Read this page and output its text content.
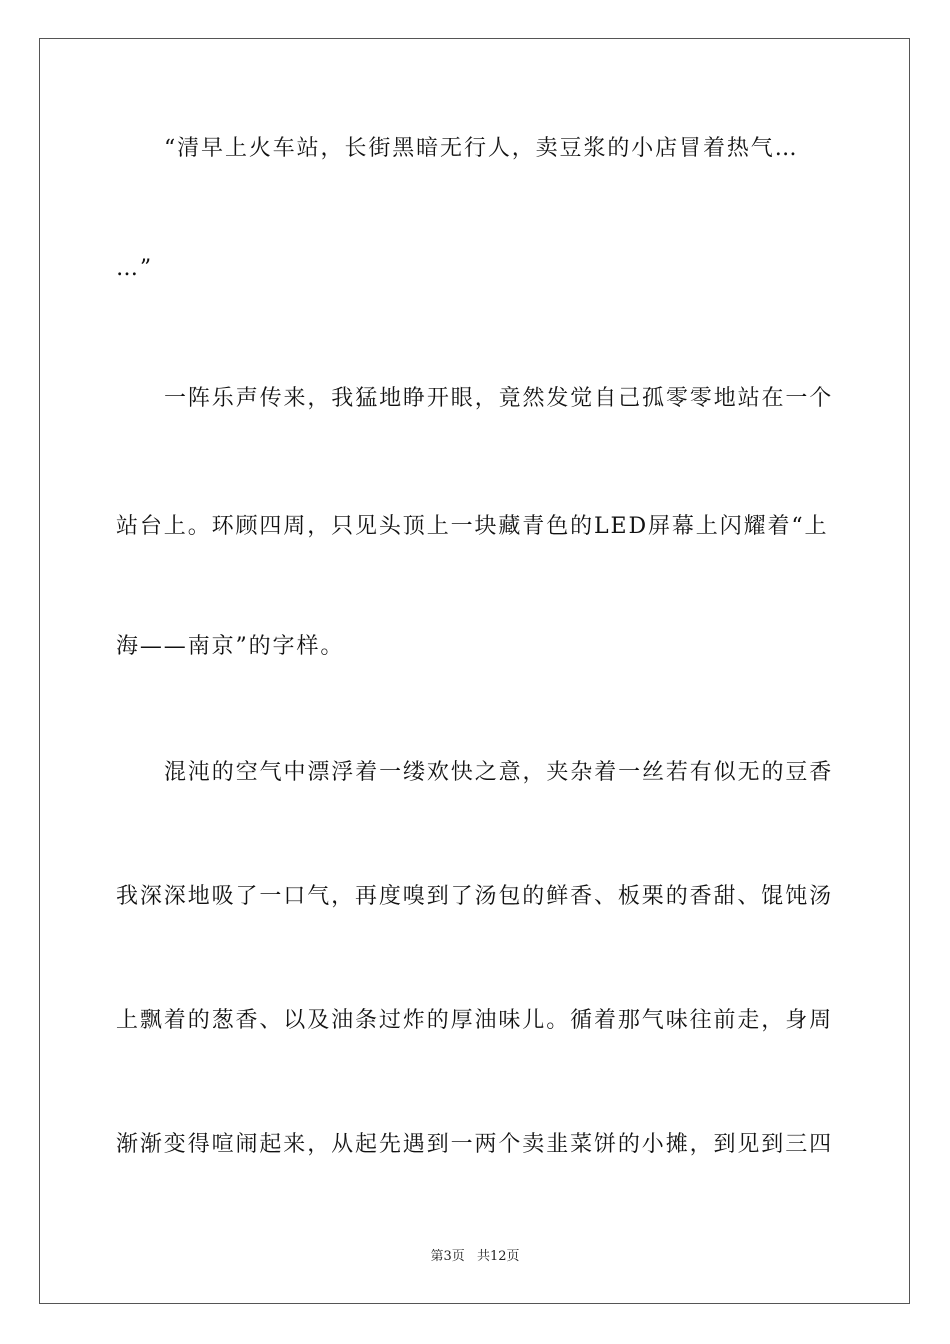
“清早上火车站，长街黑暗无行人，卖豆浆的小店冒着热气…
…”
一阵乐声传来，我猛地睁开眼，竟然发觉自己孤零零地站在一个
站台上。环顾四周，只见头顶上一块藏青色的LED屏幕上闪耀着“上
海——南京”的字样。
混沌的空气中漂浮着一缕欢快之意，夹杂着一丝若有似无的豆香
我深深地吸了一口气，再度嗅到了汤包的鲜香、板栗的香甜、馄饨汤
上飘着的葱香、以及油条过炸的厚油味儿。循着那气味往前走，身周
渐渐变得喧闹起来，从起先遇到一两个卖韭菜饼的小摊，到见到三四
第3页 共12页
